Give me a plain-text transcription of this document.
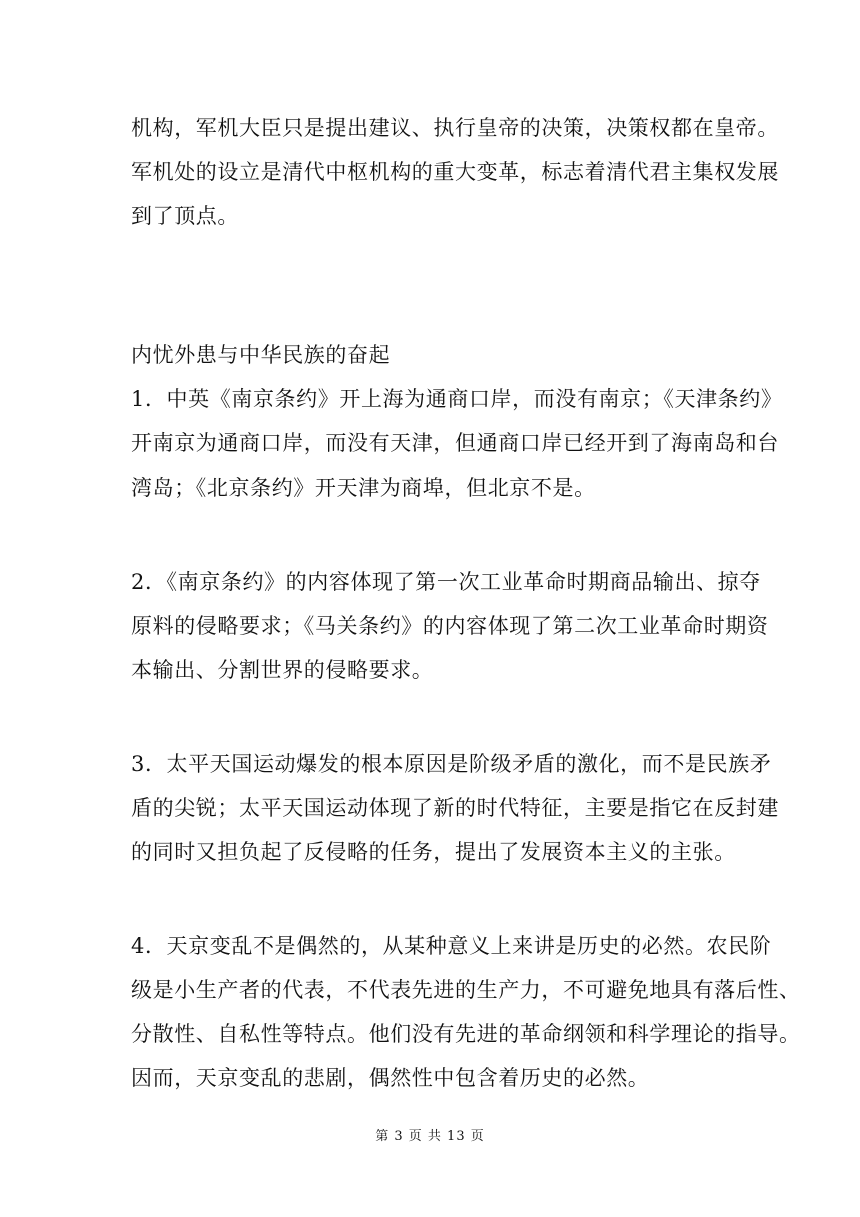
机构，军机大臣只是提出建议、执行皇帝的决策，决策权都在皇帝。
军机处的设立是清代中枢机构的重大变革，标志着清代君主集权发展
到了顶点。
内忧外患与中华民族的奋起
1．中英《南京条约》开上海为通商口岸，而没有南京；《天津条约》
开南京为通商口岸，而没有天津，但通商口岸已经开到了海南岛和台
湾岛；《北京条约》开天津为商埠，但北京不是。
2．《南京条约》的内容体现了第一次工业革命时期商品输出、掠夺
原料的侵略要求；《马关条约》的内容体现了第二次工业革命时期资
本输出、分割世界的侵略要求。
3．太平天国运动爆发的根本原因是阶级矛盾的激化，而不是民族矛
盾的尖锐；太平天国运动体现了新的时代特征，主要是指它在反封建
的同时又担负起了反侵略的任务，提出了发展资本主义的主张。
4．天京变乱不是偶然的，从某种意义上来讲是历史的必然。农民阶
级是小生产者的代表，不代表先进的生产力，不可避免地具有落后性、
分散性、自私性等特点。他们没有先进的革命纲领和科学理论的指导。
因而，天京变乱的悲剧，偶然性中包含着历史的必然。
第 3 页 共 13 页
